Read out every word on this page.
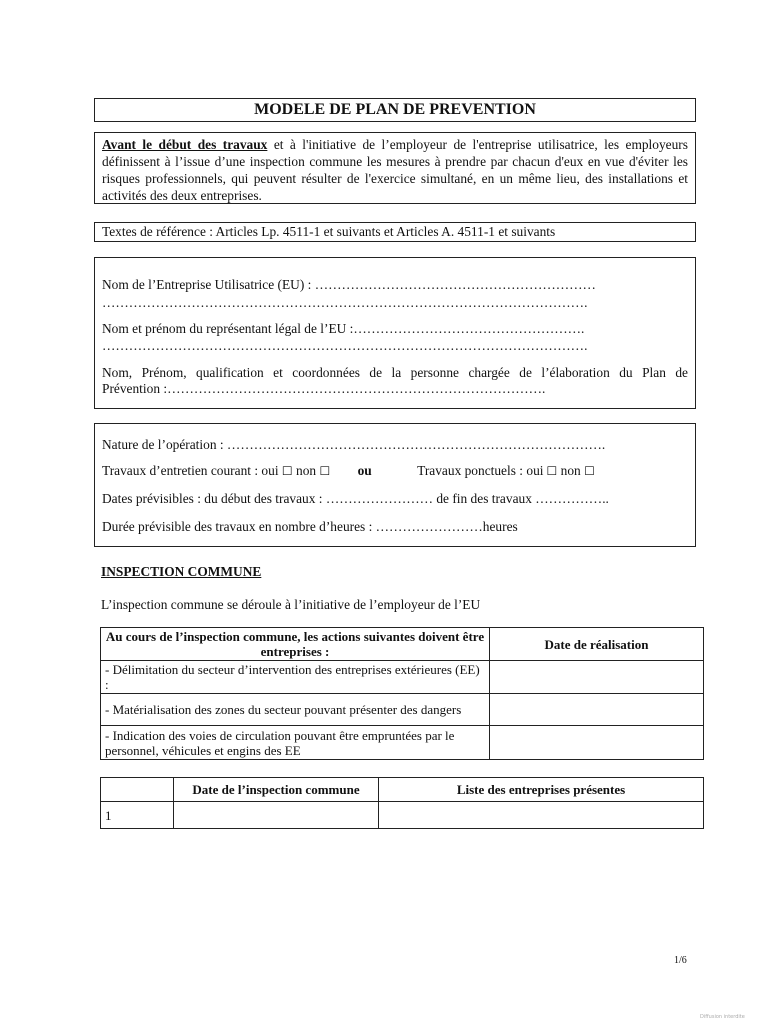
MODELE DE PLAN DE PREVENTION
Avant le début des travaux et à l'initiative de l’employeur de l'entreprise utilisatrice, les employeurs définissent à l’issue d’une inspection commune les mesures à prendre par chacun d'eux en vue d'éviter les risques professionnels, qui peuvent résulter de l'exercice simultané, en un même lieu, des installations et activités des deux entreprises.
Textes de référence : Articles Lp. 4511-1 et suivants et Articles A. 4511-1 et suivants
Nom de l’Entreprise Utilisatrice (EU) : ………………………………………………………
……………………………………………………………………………………………….
Nom et prénom du représentant légal de l’EU :…………………………………………….
……………………………………………………………………………………………….
Nom, Prénom, qualification et coordonnées de la personne chargée de l’élaboration du Plan de
Prévention :………………………………………………………………………….
Nature de l’opération : ………………………………………………………………………….
Travaux d’entretien courant : oui ☐ non ☐ ou	Travaux ponctuels : oui ☐ non ☐
Dates prévisibles : du début des travaux : …………………… de fin des travaux ……………..
Durée prévisible des travaux en nombre d’heures : ……………………heures
INSPECTION COMMUNE
L’inspection commune se déroule à l’initiative de l’employeur de l’EU
Au cours de l’inspection commune, les actions suivantes doivent être entreprises :	Date de réalisation
- Délimitation du secteur d’intervention des entreprises extérieures (EE) :	
- Matérialisation des zones du secteur pouvant présenter des dangers	
- Indication des voies de circulation pouvant être empruntées par le personnel, véhicules et engins des EE	
	Date de l’inspection commune	Liste des entreprises présentes
1		
1/6
Diffusion interdite
